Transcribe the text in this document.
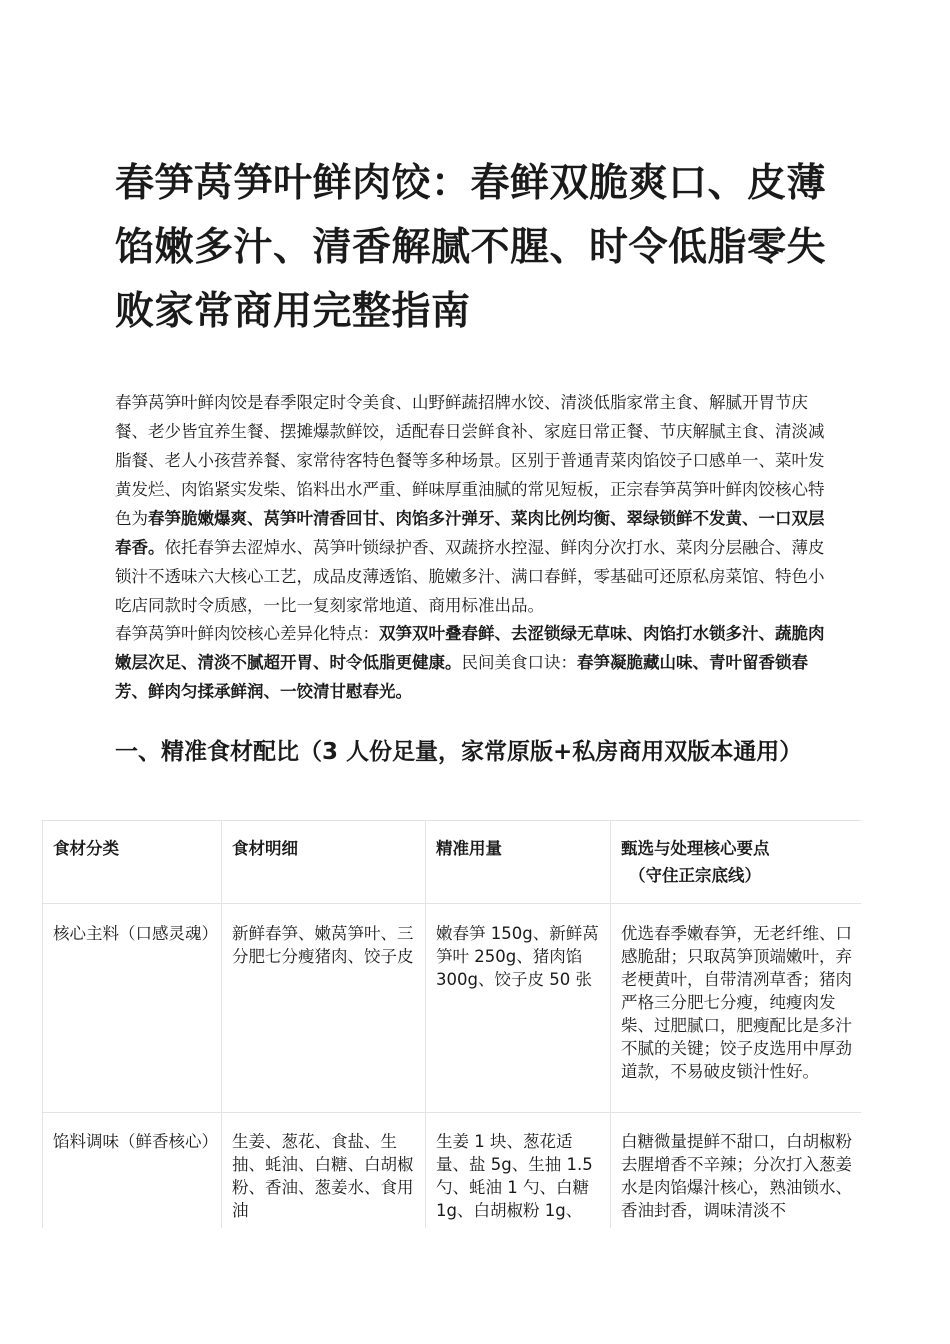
春笋莴笋叶鲜肉饺：春鲜双脆爽口、皮薄馅嫩多汁、清香解腻不腥、时令低脂零失败家常商用完整指南

春笋莴笋叶鲜肉饺是春季限定时令美食、山野鲜蔬招牌水饺、清淡低脂家常主食、解腻开胃节庆餐、老少皆宜养生餐、摆摊爆款鲜饺，适配春日尝鲜食补、家庭日常正餐、节庆解腻主食、清淡减脂餐、老人小孩营养餐、家常待客特色餐等多种场景。区别于普通青菜肉馅饺子口感单一、菜叶发黄发烂、肉馅紧实发柴、馅料出水严重、鲜味厚重油腻的常见短板，正宗春笋莴笋叶鲜肉饺核心特色为春笋脆嫩爆爽、莴笋叶清香回甘、肉馅多汁弹牙、菜肉比例均衡、翠绿锁鲜不发黄、一口双层春香。依托春笋去涩焯水、莴笋叶锁绿护香、双蔬挤水控湿、鲜肉分次打水、菜肉分层融合、薄皮锁汁不透味六大核心工艺，成品皮薄透馅、脆嫩多汁、满口春鲜，零基础可还原私房菜馆、特色小吃店同款时令质感，一比一复刻家常地道、商用标准出品。

春笋莴笋叶鲜肉饺核心差异化特点：双笋双叶叠春鲜、去涩锁绿无草味、肉馅打水锁多汁、蔬脆肉嫩层次足、清淡不腻超开胃、时令低脂更健康。民间美食口诀：春笋凝脆藏山味、青叶留香锁春芳、鲜肉匀揉承鲜润、一饺清甘慰春光。

一、精准食材配比（3 人份足量，家常原版+私房商用双版本通用）
食材分类	食材明细	精准用量	甄选与处理核心要点
（守住正宗底线）

核心主料（口感灵魂）	新鲜春笋、嫩莴笋叶、三分肥七分瘦猪肉、饺子皮	嫩春笋 150g、新鲜莴笋叶 250g、猪肉馅 300g、饺子皮 50 张	优选春季嫩春笋，无老纤维、口感脆甜；只取莴笋顶端嫩叶，弃老梗黄叶，自带清冽草香；猪肉严格三分肥七分瘦，纯瘦肉发柴、过肥腻口，肥瘦配比是多汁不腻的关键；饺子皮选用中厚劲道款，不易破皮锁汁性好。
馅料调味（鲜香核心）	生姜、葱花、食盐、生抽、蚝油、白糖、白胡椒粉、香油、葱姜水、食用油	生姜 1 块、葱花适量、盐 5g、生抽 1.5 勺、蚝油 1 勺、白糖 1g、白胡椒粉 1g、	白糖微量提鲜不甜口，白胡椒粉去腥增香不辛辣；分次打入葱姜水是肉馅爆汁核心，熟油锁水、香油封香，调味清淡不
